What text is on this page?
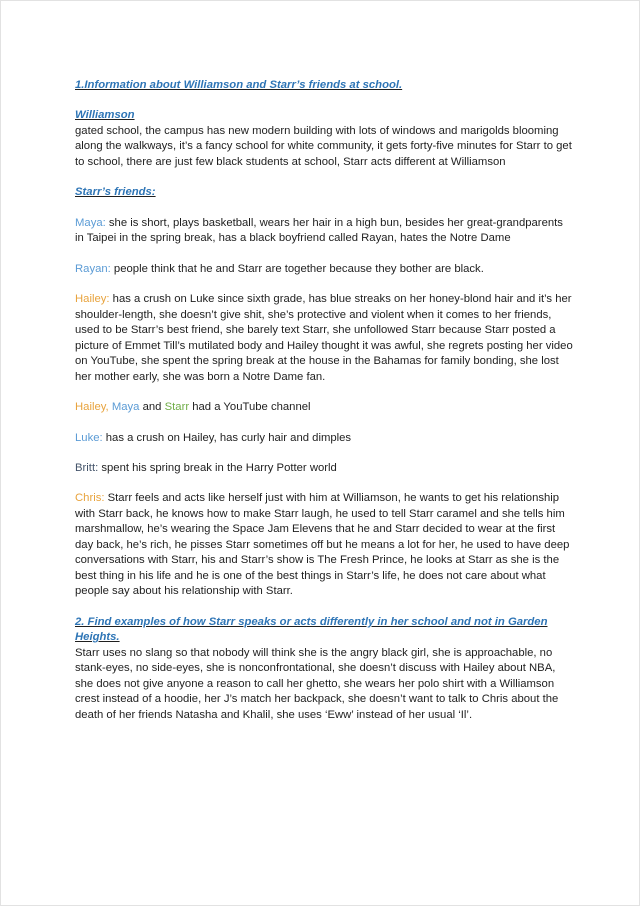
1.Information about Williamson and Starr’s friends at school.
Williamson
gated school, the campus has new modern building with lots of windows and marigolds blooming along the walkways, it’s a fancy school for white community, it gets forty-five minutes for Starr to get to school, there are just few black students at school, Starr acts different at Williamson
Starr’s friends:
Maya: she is short, plays basketball, wears her hair in a high bun, besides her great-grandparents in Taipei in the spring break, has a black boyfriend called Rayan, hates the Notre Dame
Rayan: people think that he and Starr are together because they bother are black.
Hailey: has a crush on Luke since sixth grade, has blue streaks on her honey-blond hair and it’s her shoulder-length, she doesn’t give shit, she’s protective and violent when it comes to her friends, used to be Starr’s best friend, she barely text Starr, she unfollowed Starr because Starr posted a picture of Emmet Till’s mutilated body and Hailey thought it was awful, she regrets posting her video on YouTube, she spent the spring break at the house in the Bahamas for family bonding, she lost her mother early, she was born a Notre Dame fan.
Hailey, Maya and Starr had a YouTube channel
Luke: has a crush on Hailey, has curly hair and dimples
Britt: spent his spring break in the Harry Potter world
Chris: Starr feels and acts like herself just with him at Williamson, he wants to get his relationship with Starr back, he knows how to make Starr laugh, he used to tell Starr caramel and she tells him marshmallow, he’s wearing the Space Jam Elevens that he and Starr decided to wear at the first day back, he’s rich, he pisses Starr sometimes off but he means a lot for her, he used to have deep conversations with Starr, his and Starr’s show is The Fresh Prince, he looks at Starr as she is the best thing in his life and he is one of the best things in Starr’s life, he does not care about what people say about his relationship with Starr.
2. Find examples of how Starr speaks or acts differently in her school and not in Garden Heights.
Starr uses no slang so that nobody will think she is the angry black girl, she is approachable, no stank-eyes, no side-eyes, she is nonconfrontational, she doesn’t discuss with Hailey about NBA, she does not give anyone a reason to call her ghetto, she wears her polo shirt with a Williamson crest instead of a hoodie, her J’s match her backpack, she doesn’t want to talk to Chris about the death of her friends Natasha and Khalil, she uses ‘Eww’ instead of her usual ‘Il’.
